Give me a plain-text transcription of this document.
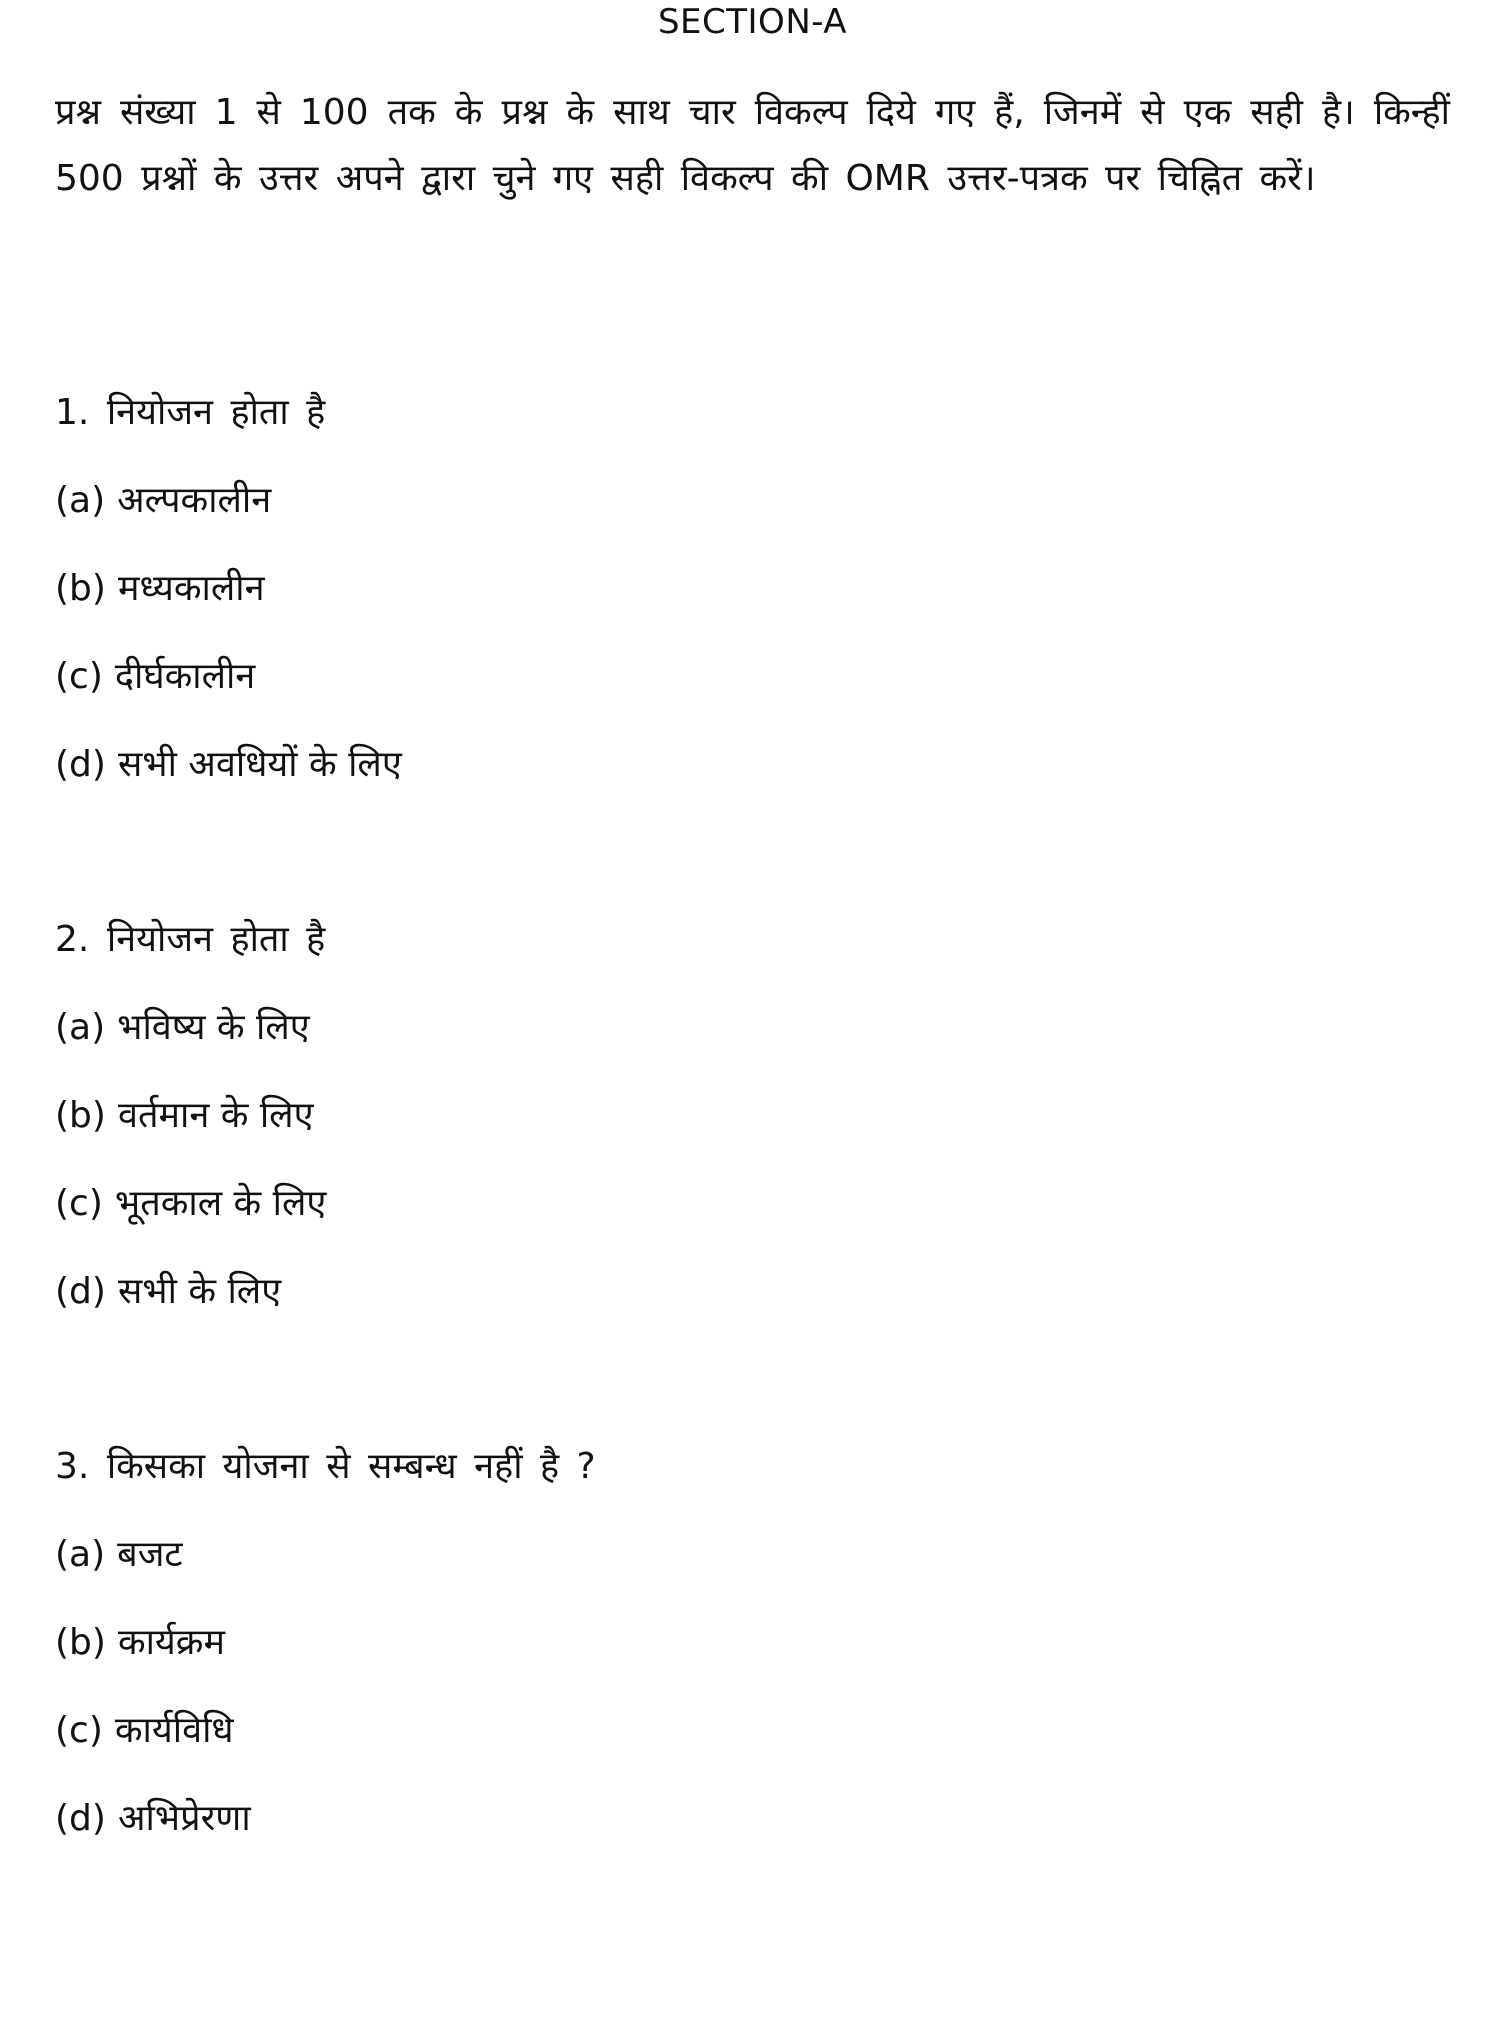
SECTION-A
प्रश्न संख्या 1 से 100 तक के प्रश्न के साथ चार विकल्प दिये गए हैं, जिनमें से एक सही है। किन्हीं 500 प्रश्नों के उत्तर अपने द्वारा चुने गए सही विकल्प की OMR उत्तर-पत्रक पर चिह्नित करें।
1. नियोजन होता है
(a) अल्पकालीन
(b) मध्यकालीन
(c) दीर्घकालीन
(d) सभी अवधियों के लिए
2. नियोजन होता है
(a) भविष्य के लिए
(b) वर्तमान के लिए
(c) भूतकाल के लिए
(d) सभी के लिए
3. किसका योजना से सम्बन्ध नहीं है ?
(a) बजट
(b) कार्यक्रम
(c) कार्यविधि
(d) अभिप्रेरणा
